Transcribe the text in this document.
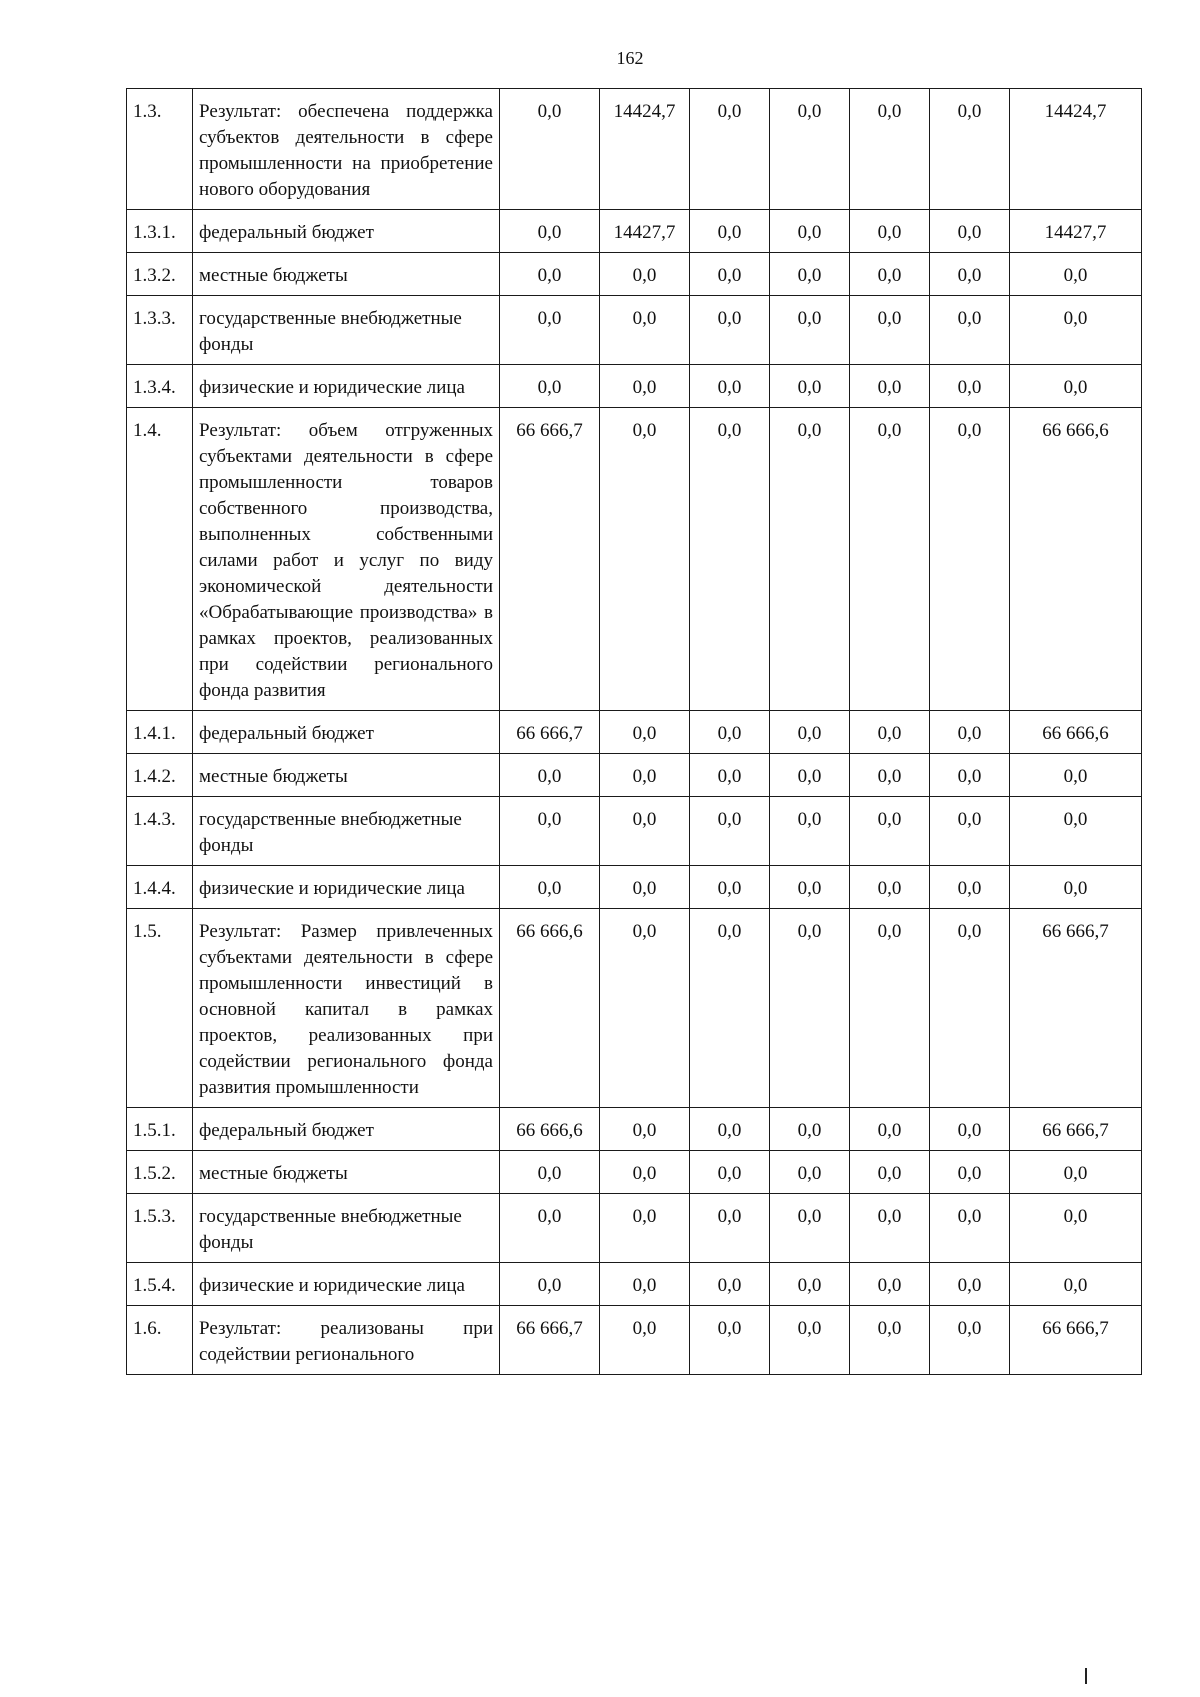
162
1.3.	Результат: обеспечена поддержка субъектов деятельности в сфере промышленности на приобретение нового оборудования	0,0	14424,7	0,0	0,0	0,0	0,0	14424,7
1.3.1.	федеральный бюджет	0,0	14427,7	0,0	0,0	0,0	0,0	14427,7
1.3.2.	местные бюджеты	0,0	0,0	0,0	0,0	0,0	0,0	0,0
1.3.3.	государственные внебюджетные фонды	0,0	0,0	0,0	0,0	0,0	0,0	0,0
1.3.4.	физические и юридические лица	0,0	0,0	0,0	0,0	0,0	0,0	0,0
1.4.	Результат: объем отгруженных субъектами деятельности в сфере промышленности товаров собственного производства, выполненных собственными силами работ и услуг по виду экономической деятельности «Обрабатывающие производства» в рамках проектов, реализованных при содействии регионального фонда развития	66 666,7	0,0	0,0	0,0	0,0	0,0	66 666,6
1.4.1.	федеральный бюджет	66 666,7	0,0	0,0	0,0	0,0	0,0	66 666,6
1.4.2.	местные бюджеты	0,0	0,0	0,0	0,0	0,0	0,0	0,0
1.4.3.	государственные внебюджетные фонды	0,0	0,0	0,0	0,0	0,0	0,0	0,0
1.4.4.	физические и юридические лица	0,0	0,0	0,0	0,0	0,0	0,0	0,0
1.5.	Результат: Размер привлеченных субъектами деятельности в сфере промышленности инвестиций в основной капитал в рамках проектов, реализованных при содействии регионального фонда развития промышленности	66 666,6	0,0	0,0	0,0	0,0	0,0	66 666,7
1.5.1.	федеральный бюджет	66 666,6	0,0	0,0	0,0	0,0	0,0	66 666,7
1.5.2.	местные бюджеты	0,0	0,0	0,0	0,0	0,0	0,0	0,0
1.5.3.	государственные внебюджетные фонды	0,0	0,0	0,0	0,0	0,0	0,0	0,0
1.5.4.	физические и юридические лица	0,0	0,0	0,0	0,0	0,0	0,0	0,0
1.6.	Результат: реализованы при содействии регионального	66 666,7	0,0	0,0	0,0	0,0	0,0	66 666,7
